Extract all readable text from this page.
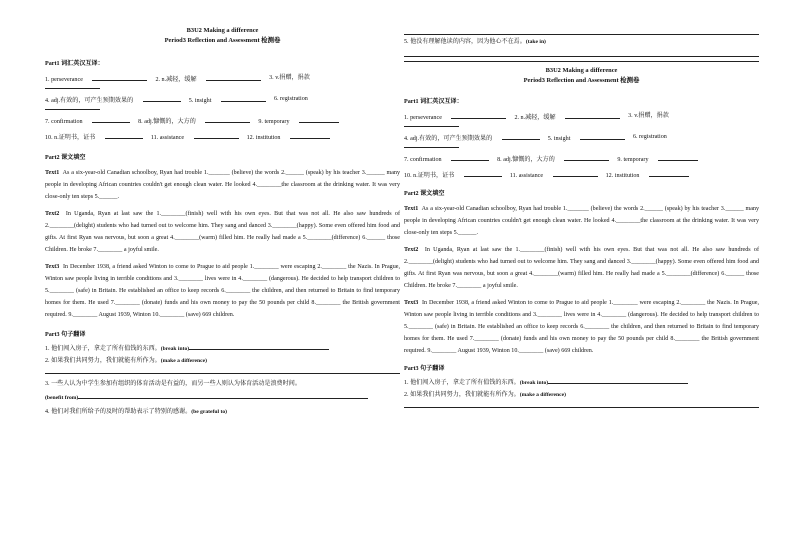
B3U2 Making a difference
Period3 Reflection and Assessment 检测卷
Part1 词汇英汉互译：
1. perseverance	2. n.减轻，缓解	3. v.捐赠，捐款
4. adj.有效的，可产生预期效果的	5. insight	6. registration
7. confirmation	8. adj.慷慨的，大方的	9. temporary
10. n.证明书，证书	11. assistance	12. institution
Part2 课文填空
Text1 As a six-year-old Canadian schoolboy, Ryan had trouble 1._______ (believe) the words 2.______ (speak) by his teacher 3.______ many people in developing African countries couldn't get enough clean water. He looked 4.________the classroom at the drinking water. It was very close-only ten steps 5.______.
Text2 In Uganda, Ryan at last saw the 1.________(finish) well with his own eyes. But that was not all. He also saw hundreds of 2.________(delight) students who had turned out to welcome him. They sang and danced 3.________(happy). Some even offered him food and gifts. At first Ryan was nervous, but soon a great 4.________(warm) filled him. He really had made a 5.________(difference) 6.______ those Children. He broke 7.________ a joyful smile.
Text3 In December 1938, a friend asked Winton to come to Prague to aid people 1.________ were escaping 2.________ the Nazis. In Prague, Winton saw people living in terrible conditions and 3.________ lives were in 4.________ (dangerous). He decided to help transport children to 5.________ (safe) in Britain. He established an office to keep records 6.________ the children, and then returned to Britain to find temporary homes for them. He used 7.________ (donate) funds and his own money to pay the 50 pounds per child 8.________ the British government required. 9.________ August 1939, Winton 10.________ (save) 669 children.
Part3 句子翻译
1. 他们闯入房子，拿走了所有值钱的东西。(break into)
2. 如果我们共同努力，我们就能有所作为。(make a difference)
3. 一些人认为中学生参加有组织的体育活动是有益的，而另一些人则认为体育活动是浪费时间。
(benefit from)
4. 他们对我们所给予的及时的帮助表示了特别的感谢。(be grateful to)
5. 他没有理解他读的内容，因为他心不在焉。(take in)
B3U2 Making a difference
Period3 Reflection and Assessment 检测卷
Part1 词汇英汉互译：
1. perseverance	2. n.减轻，缓解	3. v.捐赠，捐款
4. adj.有效的，可产生预期效果的	5. insight	6. registration
7. confirmation	8. adj.慷慨的，大方的	9. temporary
10. n.证明书，证书	11. assistance	12. institution
Part2 课文填空
Text1 As a six-year-old Canadian schoolboy, Ryan had trouble 1._______ (believe) the words 2.______ (speak) by his teacher 3.______ many people in developing African countries couldn't get enough clean water. He looked 4.________the classroom at the drinking water. It was very close-only ten steps 5.______.
Text2 In Uganda, Ryan at last saw the 1.________(finish) well with his own eyes. But that was not all. He also saw hundreds of 2.________(delight) students who had turned out to welcome him. They sang and danced 3.________(happy). Some even offered him food and gifts. At first Ryan was nervous, but soon a great 4.________(warm) filled him. He really had made a 5.________(difference) 6.______ those Children. He broke 7.________ a joyful smile.
Text3 In December 1938, a friend asked Winton to come to Prague to aid people 1.________ were escaping 2.________ the Nazis. In Prague, Winton saw people living in terrible conditions and 3.________ lives were in 4.________ (dangerous). He decided to help transport children to 5.________ (safe) in Britain. He established an office to keep records 6.________ the children, and then returned to Britain to find temporary homes for them. He used 7.________ (donate) funds and his own money to pay the 50 pounds per child 8.________ the British government required. 9.________ August 1939, Winton 10.________ (save) 669 children.
Part3 句子翻译
1. 他们闯入房子，拿走了所有值钱的东西。(break into)
2. 如果我们共同努力，我们就能有所作为。(make a difference)
